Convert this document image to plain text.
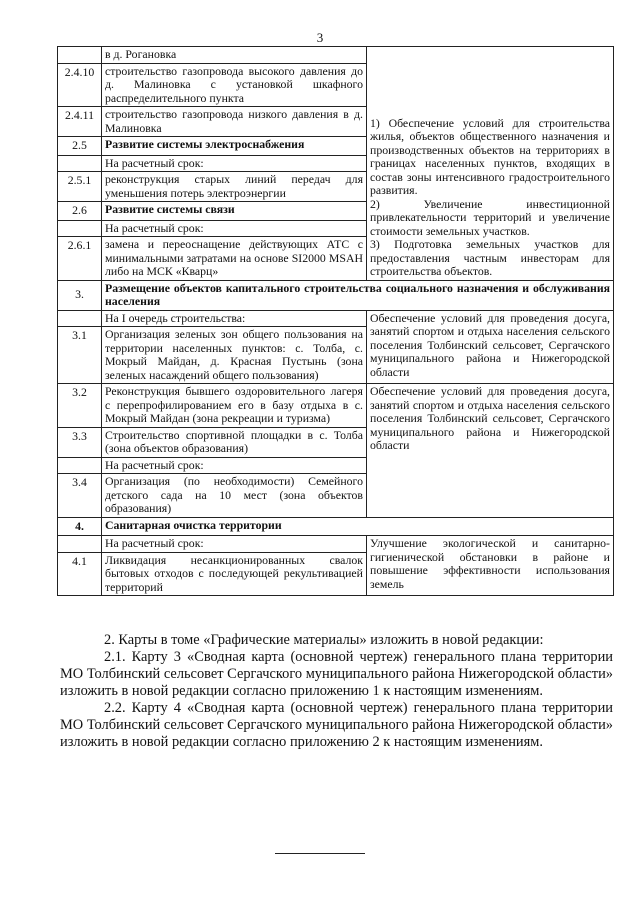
3
	в д. Рогановка	1) Обеспечение условий для строительства жилья, объектов общественного назначения и производственных объектов на территориях в границах населенных пунктов, входящих в состав зоны интенсивного градостроительного развития.
2) Увеличение инвестиционной привлекательности территорий и увеличение стоимости земельных участков.
3) Подготовка земельных участков для предоставления частным инвесторам для строительства объектов.
2.4.10	строительство газопровода высокого давления до д. Малиновка с установкой шкафного распределительного пункта	
2.4.11	строительство газопровода низкого давления в д. Малиновка	
2.5	Развитие системы электроснабжения	
	На расчетный срок:	
2.5.1	реконструкция старых линий передач для уменьшения потерь электроэнергии	
2.6	Развитие системы связи	
	На расчетный срок:	
2.6.1	замена и переоснащение действующих АТС с минимальными затратами на основе SI2000 MSAH либо на МСК «Кварц»	
3.	Размещение объектов капитального строительства социального назначения и обслуживания населения	
	На I очередь строительства:	Обеспечение условий для проведения досуга, занятий спортом и отдыха населения сельского поселения Толбинский сельсовет, Сергачского муниципального района и Нижегородской области
3.1	Организация зеленых зон общего пользования на территории населенных пунктов: с. Толба, с. Мокрый Майдан, д. Красная Пустынь (зона зеленых насаждений общего пользования)	
3.2	Реконструкция бывшего оздоровительного лагеря с перепрофилированием его в базу отдыха в с. Мокрый Майдан (зона рекреации и туризма)	Обеспечение условий для проведения досуга, занятий спортом и отдыха населения сельского поселения Толбинский сельсовет, Сергачского муниципального района и Нижегородской области
3.3	Строительство спортивной площадки в с. Толба (зона объектов образования)	
	На расчетный срок:	
3.4	Организация (по необходимости) Семейного детского сада на 10 мест (зона объектов образования)	
4.	Санитарная очистка территории	
	На расчетный срок:	Улучшение экологической и санитарно-гигиенической обстановки в районе и повышение эффективности использования земель
4.1	Ликвидация несанкционированных свалок бытовых отходов с последующей рекультивацией территорий	

2. Карты в томе «Графические материалы» изложить в новой редакции:

2.1. Карту 3 «Сводная карта (основной чертеж) генерального плана территории МО Толбинский сельсовет Сергачского муниципального района Нижегородской области» изложить в новой редакции согласно приложению 1 к настоящим изменениям.

2.2. Карту 4 «Сводная карта (основной чертеж) генерального плана территории МО Толбинский сельсовет Сергачского муниципального района Нижегородской области» изложить в новой редакции согласно приложению 2 к настоящим изменениям.
